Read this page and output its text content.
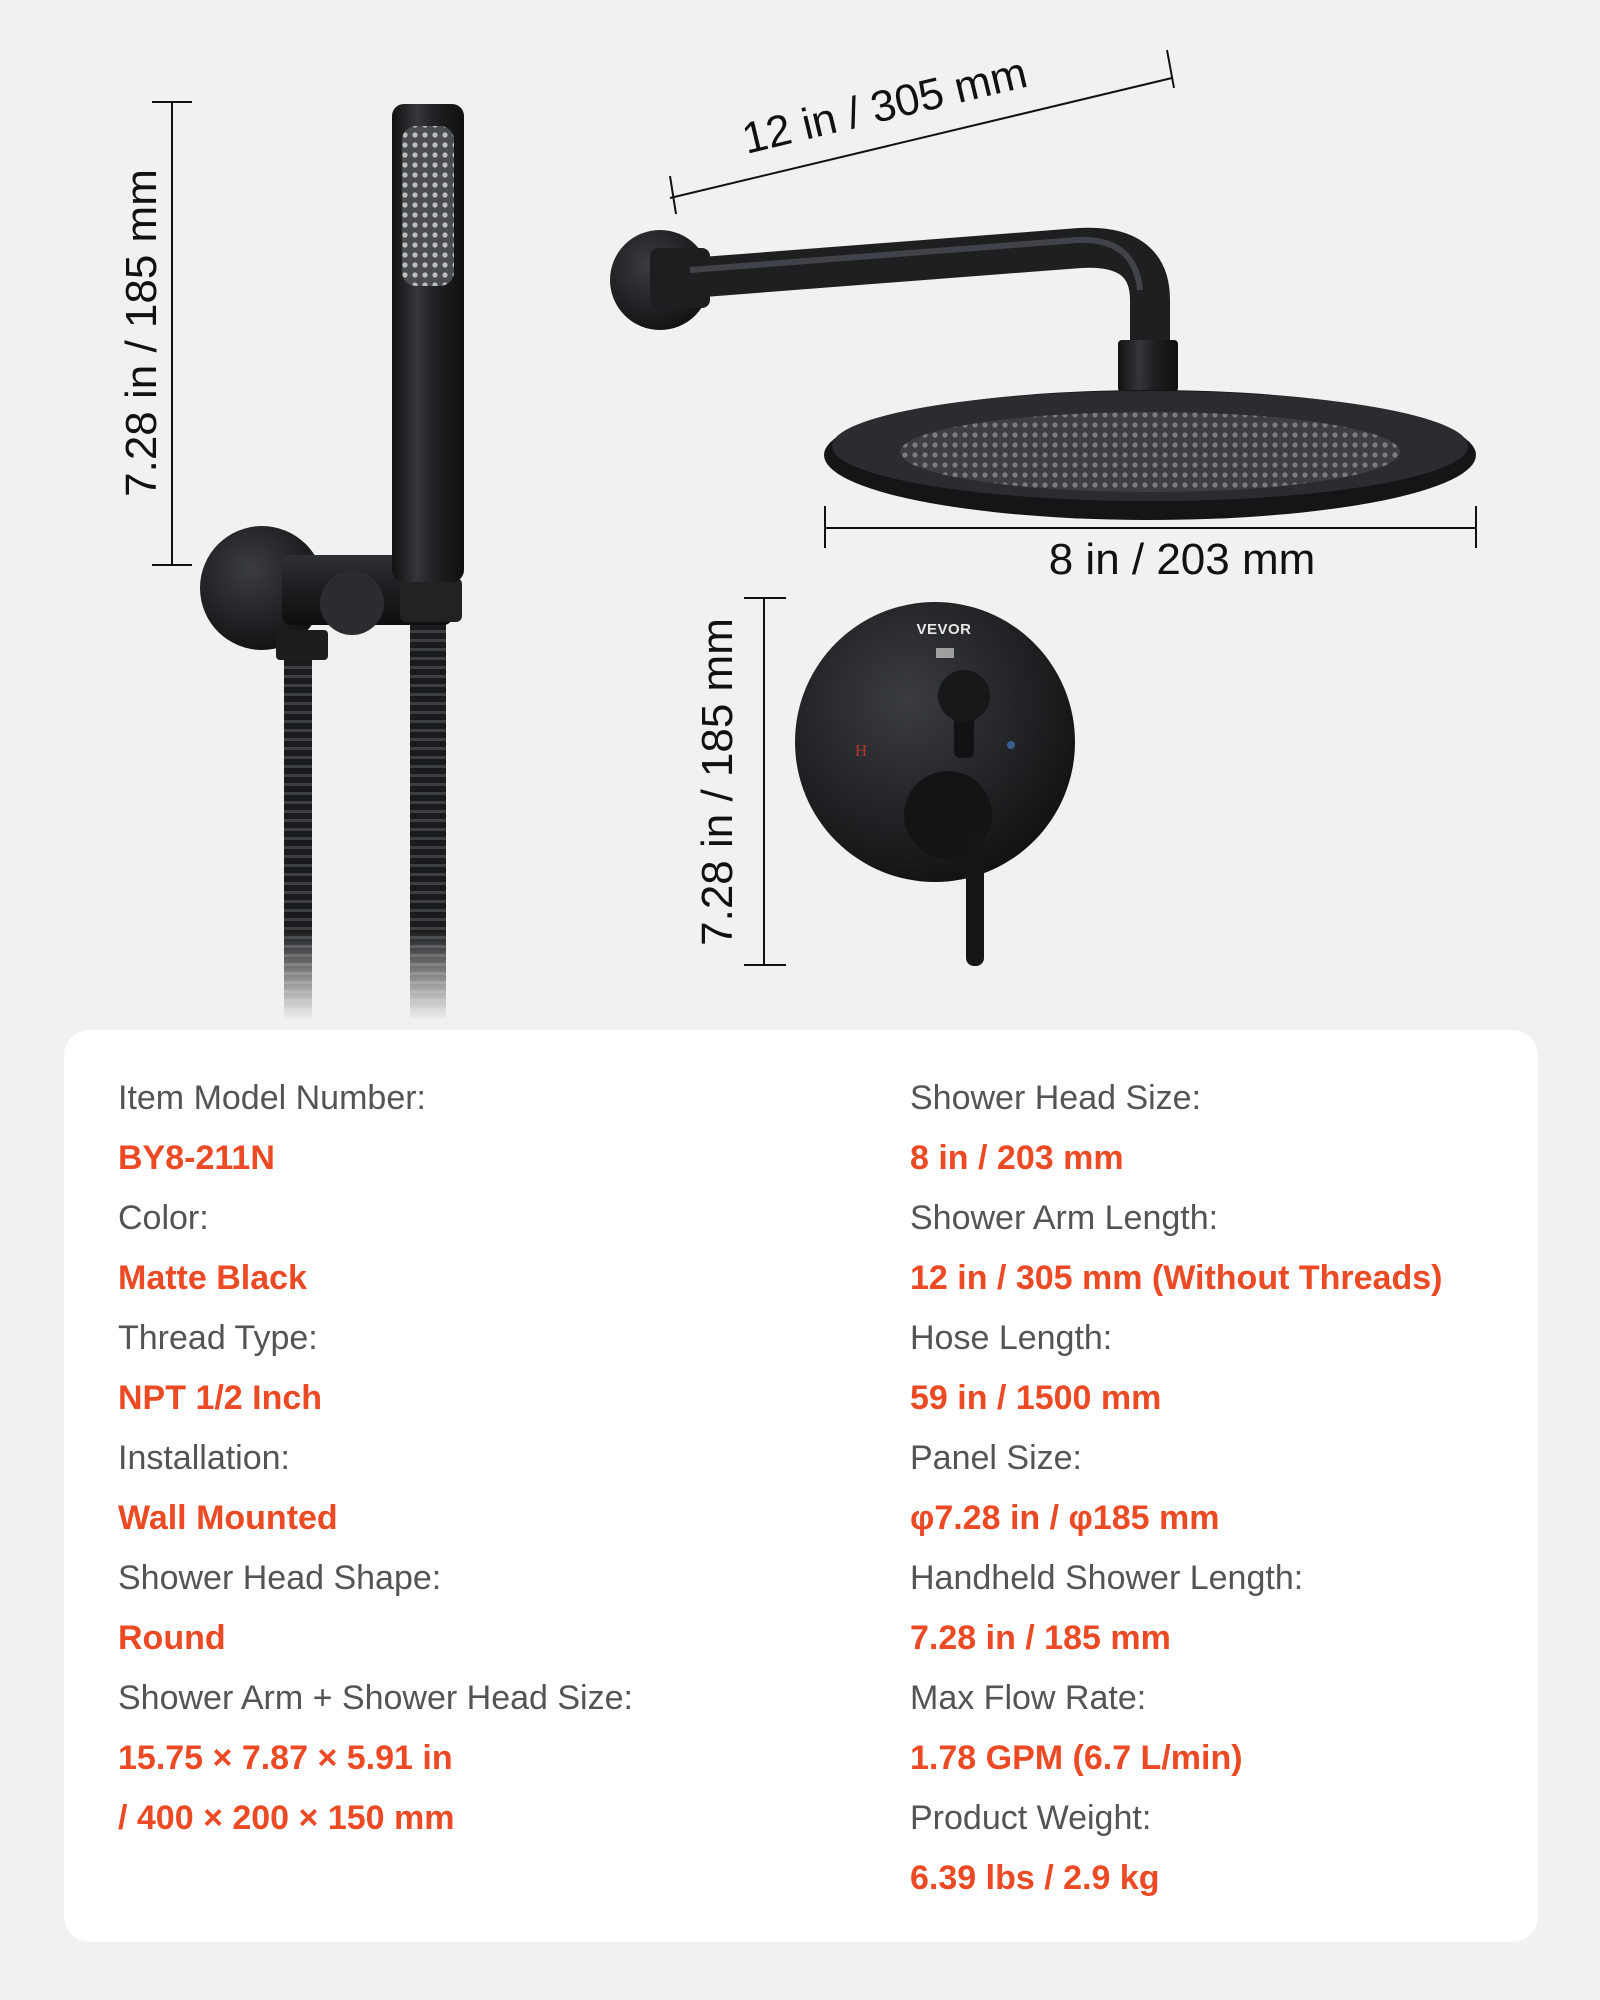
7.28 in / 185 mm
12 in / 305 mm
8 in / 203 mm
7.28 in / 185 mm	VEVOR
H
Item Model Number:
BY8-211N
Color:
Matte Black
Thread Type:
NPT 1/2 Inch
Installation:
Wall Mounted
Shower Head Shape:
Round
Shower Arm + Shower Head Size:
15.75 × 7.87 × 5.91 in
/ 400 × 200 × 150 mm
Shower Head Size:
8 in / 203 mm
Shower Arm Length:
12 in / 305 mm (Without Threads)
Hose Length:
59 in / 1500 mm
Panel Size:
φ7.28 in / φ185 mm
Handheld Shower Length:
7.28 in / 185 mm
Max Flow Rate:
1.78 GPM (6.7 L/min)
Product Weight:
6.39 lbs / 2.9 kg
